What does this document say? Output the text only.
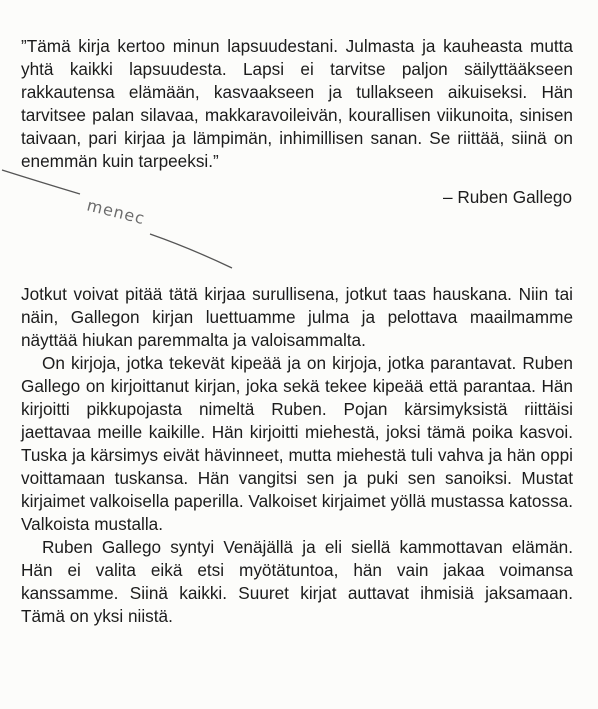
”Tämä kirja kertoo minun lapsuudestani. Julmasta ja kauheasta mutta yhtä kaikki lapsuudesta. Lapsi ei tarvitse paljon säilyttääkseen rakkautensa elämään, kasvaakseen ja tullakseen aikuiseksi. Hän tarvitsee palan silavaa, makkaravoileivän, kourallisen viikunoita, sinisen taivaan, pari kirjaa ja lämpimän, inhimillisen sanan. Se riittää, siinä on enemmän kuin tarpeeksi.”

– Ruben Gallego
menec

Jotkut voivat pitää tätä kirjaa surullisena, jotkut taas hauskana. Niin tai näin, Gallegon kirjan luettuamme julma ja pelottava maailmamme näyttää hiukan paremmalta ja valoisammalta.

On kirjoja, jotka tekevät kipeää ja on kirjoja, jotka parantavat. Ruben Gallego on kirjoittanut kirjan, joka sekä tekee kipeää että parantaa. Hän kirjoitti pikkupojasta nimeltä Ruben. Pojan kärsimyksistä riittäisi jaettavaa meille kaikille. Hän kirjoitti miehestä, joksi tämä poika kasvoi. Tuska ja kärsimys eivät hävinneet, mutta miehestä tuli vahva ja hän oppi voittamaan tuskansa. Hän vangitsi sen ja puki sen sanoiksi. Mustat kirjaimet valkoisella paperilla. Valkoiset kirjaimet yöllä mustassa katossa. Valkoista mustalla.

Ruben Gallego syntyi Venäjällä ja eli siellä kammottavan elämän. Hän ei valita eikä etsi myötätuntoa, hän vain jakaa voimansa kanssamme. Siinä kaikki. Suuret kirjat auttavat ihmisiä jaksamaan. Tämä on yksi niistä.
